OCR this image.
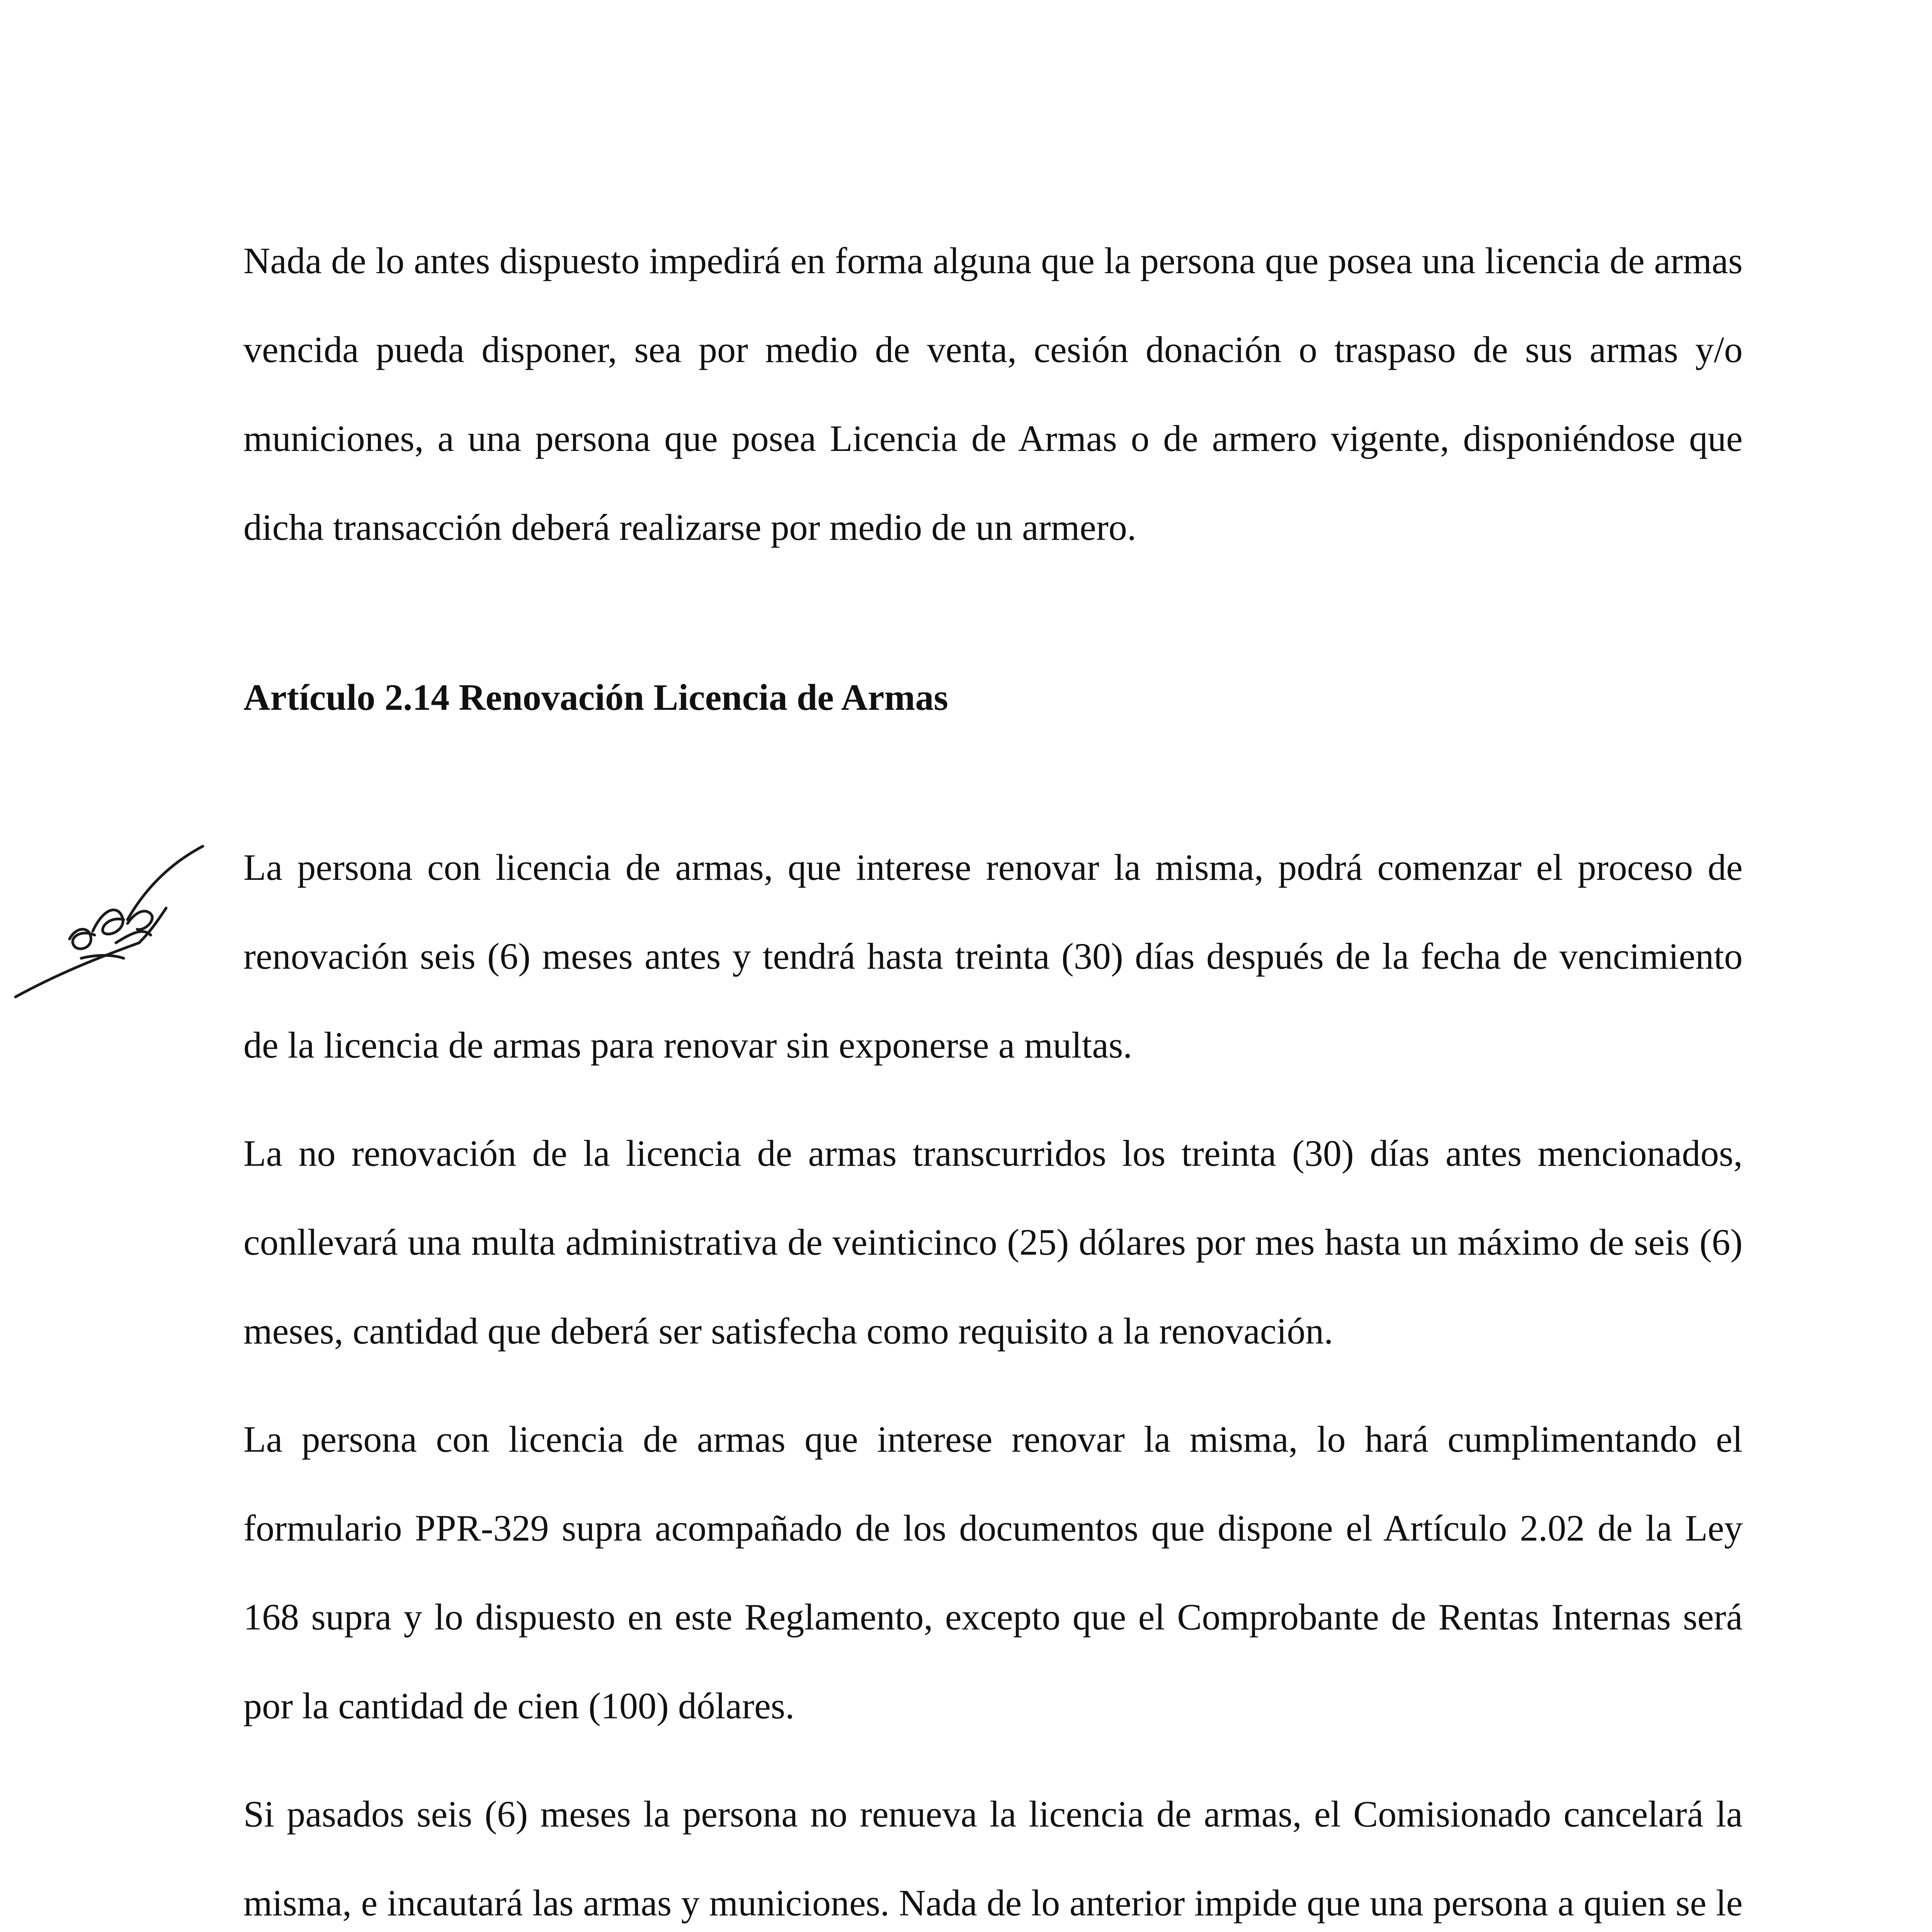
Nada de lo antes dispuesto impedirá en forma alguna que la persona que posea una licencia de armas vencida pueda disponer, sea por medio de venta, cesión donación o traspaso de sus armas y/o municiones, a una persona que posea Licencia de Armas o de armero vigente, disponiéndose que dicha transacción deberá realizarse por medio de un armero.

Artículo 2.14 Renovación Licencia de Armas

La persona con licencia de armas, que interese renovar la misma, podrá comenzar el proceso de renovación seis (6) meses antes y tendrá hasta treinta (30) días después de la fecha de vencimiento de la licencia de armas para renovar sin exponerse a multas.

La no renovación de la licencia de armas transcurridos los treinta (30) días antes mencionados, conllevará una multa administrativa de veinticinco (25) dólares por mes hasta un máximo de seis (6) meses, cantidad que deberá ser satisfecha como requisito a la renovación.

La persona con licencia de armas que interese renovar la misma, lo hará cumplimentando el formulario PPR-329 supra acompañado de los documentos que dispone el Artículo 2.02 de la Ley 168 supra y lo dispuesto en este Reglamento, excepto que el Comprobante de Rentas Internas será por la cantidad de cien (100) dólares.

Si pasados seis (6) meses la persona no renueva la licencia de armas, el Comisionado cancelará la misma, e incautará las armas y municiones. Nada de lo anterior impide que una persona a quien se le
